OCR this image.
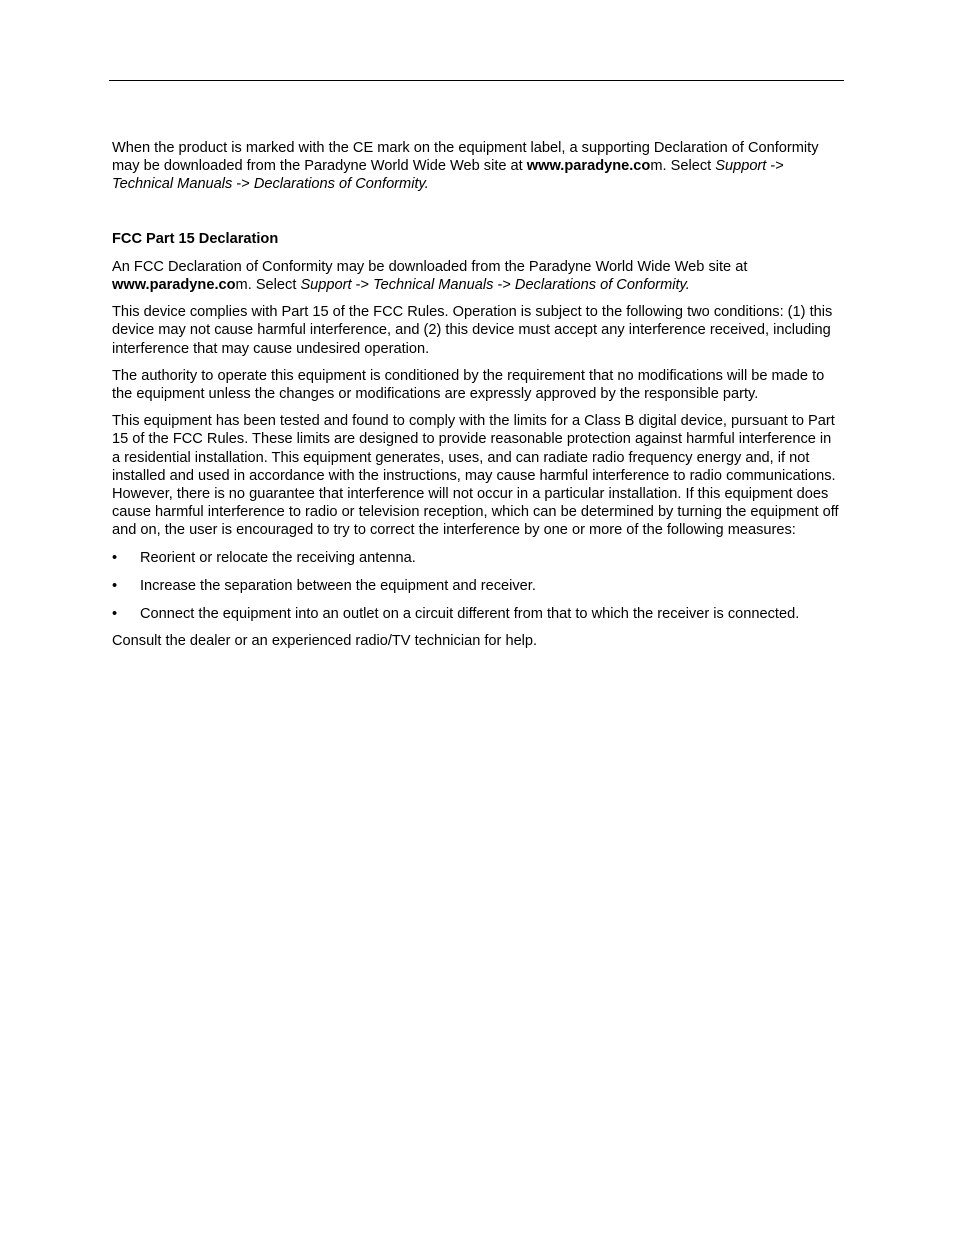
When the product is marked with the CE mark on the equipment label, a supporting Declaration of Conformity may be downloaded from the Paradyne World Wide Web site at www.paradyne.com. Select Support -> Technical Manuals -> Declarations of Conformity.

FCC Part 15 Declaration

An FCC Declaration of Conformity may be downloaded from the Paradyne World Wide Web site at www.paradyne.com. Select Support -> Technical Manuals -> Declarations of Conformity.

This device complies with Part 15 of the FCC Rules. Operation is subject to the following two conditions: (1) this device may not cause harmful interference, and (2) this device must accept any interference received, including interference that may cause undesired operation.

The authority to operate this equipment is conditioned by the requirement that no modifications will be made to the equipment unless the changes or modifications are expressly approved by the responsible party.

This equipment has been tested and found to comply with the limits for a Class B digital device, pursuant to Part 15 of the FCC Rules. These limits are designed to provide reasonable protection against harmful interference in a residential installation. This equipment generates, uses, and can radiate radio frequency energy and, if not installed and used in accordance with the instructions, may cause harmful interference to radio communications. However, there is no guarantee that interference will not occur in a particular installation. If this equipment does cause harmful interference to radio or television reception, which can be determined by turning the equipment off and on, the user is encouraged to try to correct the interference by one or more of the following measures:

• Reorient or relocate the receiving antenna.
• Increase the separation between the equipment and receiver.
• Connect the equipment into an outlet on a circuit different from that to which the receiver is connected.

Consult the dealer or an experienced radio/TV technician for help.
